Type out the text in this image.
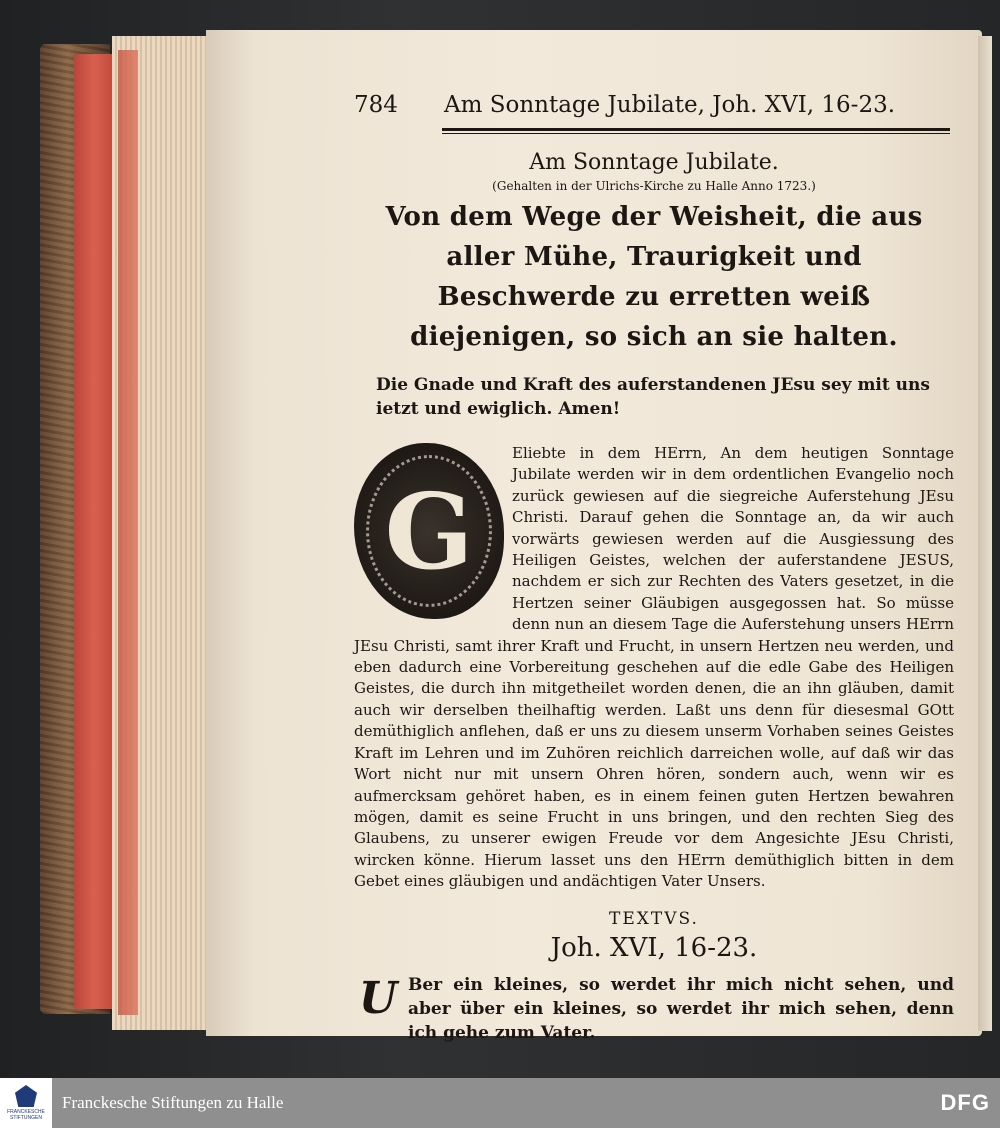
784	Am Sonntage Jubilate, Joh. XVI, 16-23.
Am Sonntage Jubilate.
(Gehalten in der Ulrichs-Kirche zu Halle Anno 1723.)
Von dem Wege der Weisheit, die aus aller Mühe, Traurigkeit und Beschwerde zu erretten weiß diejenigen, so sich an sie halten.
Die Gnade und Kraft des auferstandenen JEsu sey mit uns ietzt und ewiglich. Amen!
G
Eliebte in dem HErrn, An dem heutigen Sonntage Jubilate werden wir in dem ordentlichen Evangelio noch zurück gewiesen auf die siegreiche Auferstehung JEsu Christi. Darauf gehen die Sonntage an, da wir auch vorwärts gewiesen werden auf die Ausgiessung des Heiligen Geistes, welchen der auferstandene JESUS, nachdem er sich zur Rechten des Vaters gesetzet, in die Hertzen seiner Gläubigen ausgegossen hat. So müsse denn nun an diesem Tage die Auferstehung unsers HErrn JEsu Christi, samt ihrer Kraft und Frucht, in unsern Hertzen neu werden, und eben dadurch eine Vorbereitung geschehen auf die edle Gabe des Heiligen Geistes, die durch ihn mitgetheilet worden denen, die an ihn gläuben, damit auch wir derselben theilhaftig werden. Laßt uns denn für diesesmal GOtt demüthiglich anflehen, daß er uns zu diesem unserm Vorhaben seines Geistes Kraft im Lehren und im Zuhören reichlich darreichen wolle, auf daß wir das Wort nicht nur mit unsern Ohren hören, sondern auch, wenn wir es aufmercksam gehöret haben, es in einem feinen guten Hertzen bewahren mögen, damit es seine Frucht in uns bringen, und den rechten Sieg des Glaubens, zu unserer ewigen Freude vor dem Angesichte JEsu Christi, wircken könne. Hierum lasset uns den HErrn demüthiglich bitten in dem Gebet eines gläubigen und andächtigen Vater Unsers.
TEXTVS.
Joh. XVI, 16-23.
U Ber ein kleines, so werdet ihr mich nicht sehen, und aber über ein kleines, so werdet ihr mich sehen, denn ich gehe zum Vater.
FRANCKESCHE STIFTUNGEN
Franckesche Stiftungen zu Halle	DFG
